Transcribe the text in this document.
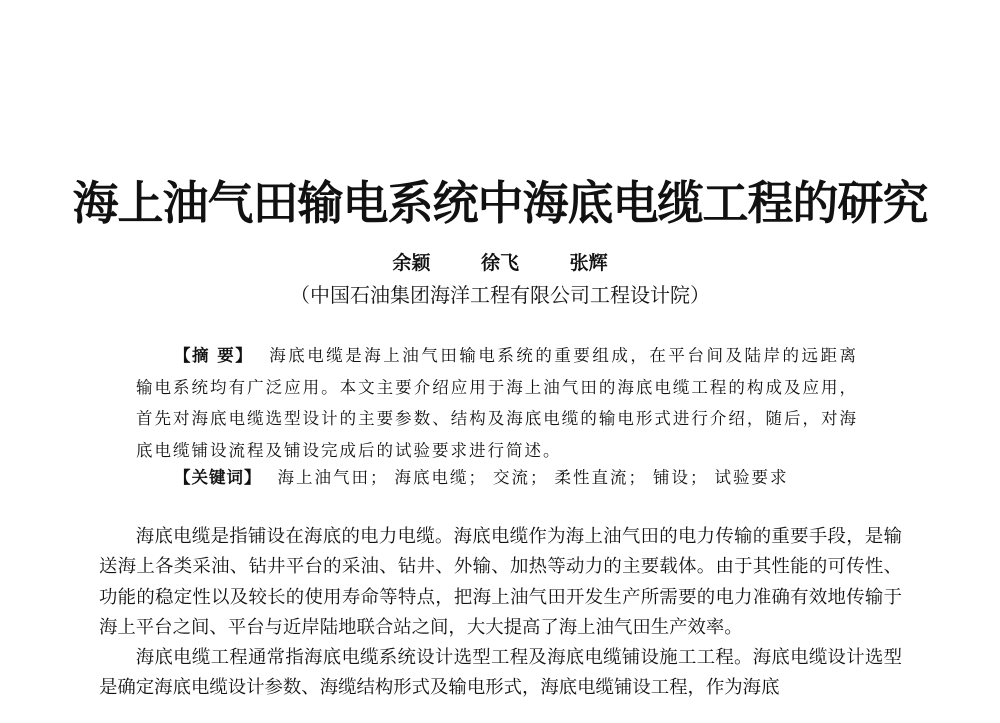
海上油气田输电系统中海底电缆工程的研究
余颖	徐飞	张辉
（中国石油集团海洋工程有限公司工程设计院）
【摘 要】 海底电缆是海上油气田输电系统的重要组成，在平台间及陆岸的远距离输电系统均有广泛应用。本文主要介绍应用于海上油气田的海底电缆工程的构成及应用，首先对海底电缆选型设计的主要参数、结构及海底电缆的输电形式进行介绍，随后，对海底电缆铺设流程及铺设完成后的试验要求进行简述。
【关键词】 海上油气田； 海底电缆； 交流； 柔性直流； 铺设； 试验要求

海底电缆是指铺设在海底的电力电缆。海底电缆作为海上油气田的电力传输的重要手段，是输送海上各类采油、钻井平台的采油、钻井、外输、加热等动力的主要载体。由于其性能的可传性、功能的稳定性以及较长的使用寿命等特点，把海上油气田开发生产所需要的电力准确有效地传输于海上平台之间、平台与近岸陆地联合站之间，大大提高了海上油气田生产效率。

海底电缆工程通常指海底电缆系统设计选型工程及海底电缆铺设施工工程。海底电缆设计选型是确定海底电缆设计参数、海缆结构形式及输电形式，海底电缆铺设工程，作为海底
